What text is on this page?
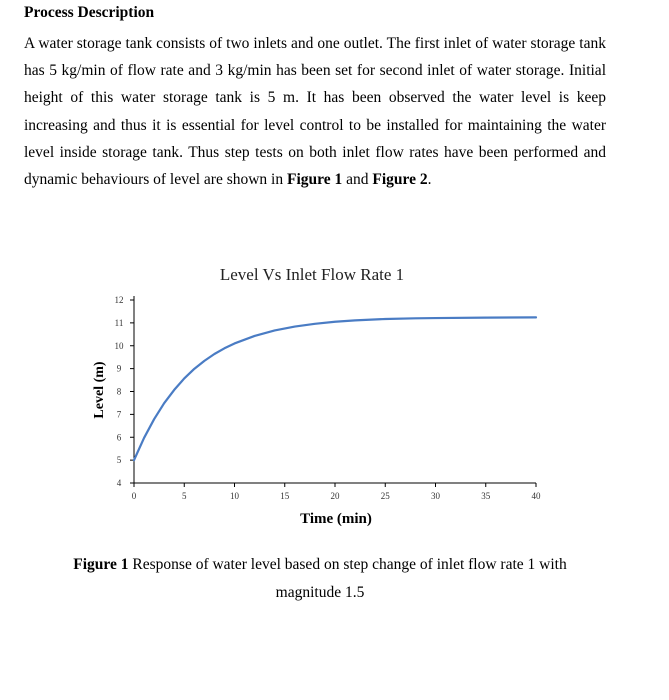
Process Description
A water storage tank consists of two inlets and one outlet. The first inlet of water storage tank has 5 kg/min of flow rate and 3 kg/min has been set for second inlet of water storage. Initial height of this water storage tank is 5 m. It has been observed the water level is keep increasing and thus it is essential for level control to be installed for maintaining the water level inside storage tank. Thus step tests on both inlet flow rates have been performed and dynamic behaviours of level are shown in Figure 1 and Figure 2.
Level Vs Inlet Flow Rate 1
Level (m)
Time (min)
0	5	10	15	20	25	30	35	40
4
5
6
7
8
9
10
11
12
Figure 1 Response of water level based on step change of inlet flow rate 1 with magnitude 1.5
